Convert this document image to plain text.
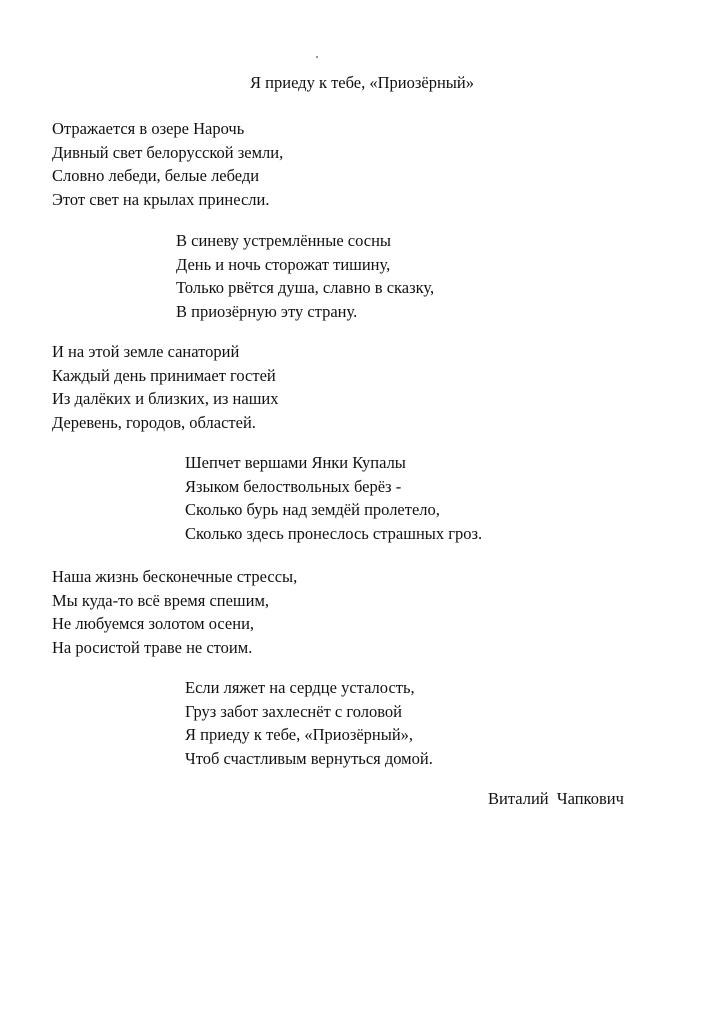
Я приеду к тебе, «Приозёрный»
Отражается в озере Нарочь
Дивный свет белорусской земли,
Словно лебеди, белые лебеди
Этот свет на крылах принесли.
В синеву устремлённые сосны
День и ночь сторожат тишину,
Только рвётся душа, славно в сказку,
В приозёрную эту страну.
И на этой земле санаторий
Каждый день принимает гостей
Из далёких и близких, из наших
Деревень, городов, областей.
Шепчет вершами Янки Купалы
Языком белоствольных берёз -
Сколько бурь над земдёй пролетело,
Сколько здесь пронеслось страшных гроз.
Наша жизнь бесконечные стрессы,
Мы куда-то всё время спешим,
Не любуемся золотом осени,
На росистой траве не стоим.
Если ляжет на сердце усталость,
Груз забот захлеснёт с головой
Я приеду к тебе, «Приозёрный»,
Чтоб счастливым вернуться домой.
Виталий  Чапкович
